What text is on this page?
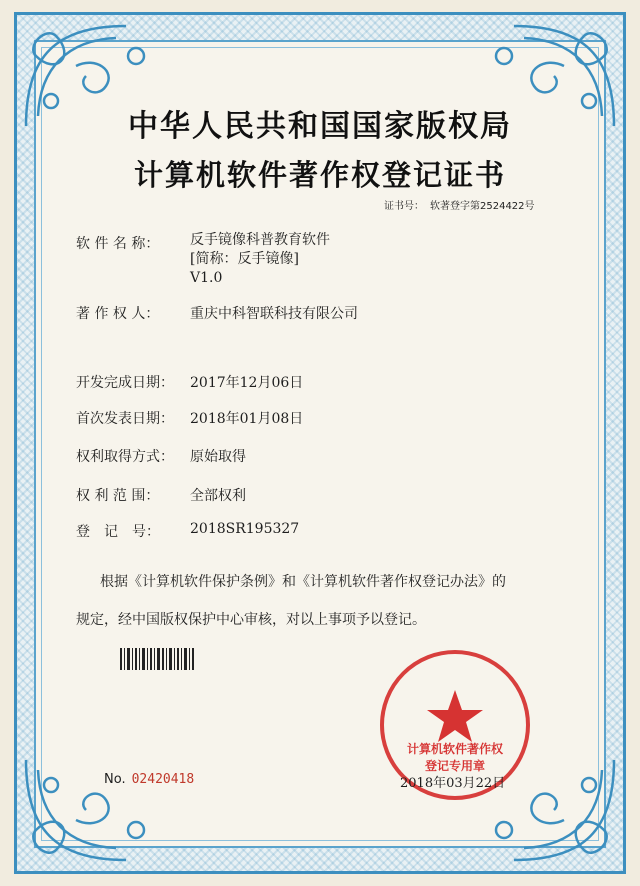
中华人民共和国国家版权局
计算机软件著作权登记证书
证书号： 软著登字第2524422号
软 件 名 称： 反手镜像科普教育软件
[简称：反手镜像]
V1.0
著 作 权 人： 重庆中科智联科技有限公司
开发完成日期： 2017年12月06日
首次发表日期： 2018年01月08日
权利取得方式： 原始取得
权 利 范 围： 全部权利
登　记　号： 2018SR195327
根据《计算机软件保护条例》和《计算机软件著作权登记办法》的
规定，经中国版权保护中心审核，对以上事项予以登记。
计算机软件著作权
登记专用章
No. 02420418	2018年03月22日
